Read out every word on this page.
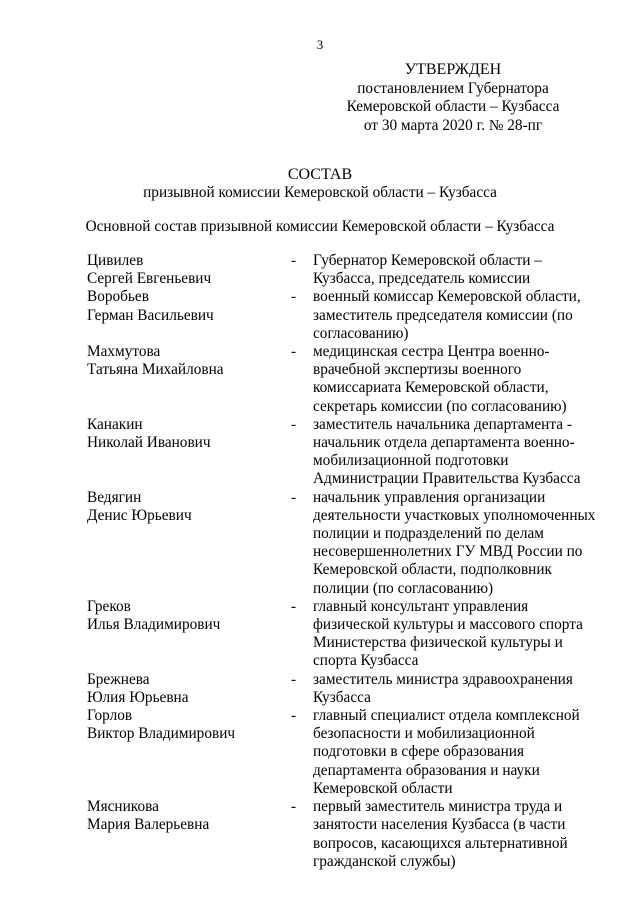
3
УТВЕРЖДЕН
постановлением Губернатора
Кемеровской области – Кузбасса
от 30 марта 2020 г. № 28-пг
СОСТАВ
призывной комиссии Кемеровской области – Кузбасса
Основной состав призывной комиссии Кемеровской области – Кузбасса
Цивилев
Сергей Евгеньевич
-	Губернатор Кемеровской области –
Кузбасса, председатель комиссии
Воробьев
Герман Васильевич
-	военный комиссар Кемеровской области,
заместитель председателя комиссии (по
согласованию)
Махмутова
Татьяна Михайловна
-	медицинская сестра Центра военно-
врачебной экспертизы военного
комиссариата Кемеровской области,
секретарь комиссии (по согласованию)
Канакин
Николай Иванович
-	заместитель начальника департамента -
начальник отдела департамента военно-
мобилизационной подготовки
Администрации Правительства Кузбасса
Ведягин
Денис Юрьевич
-	начальник управления организации
деятельности участковых уполномоченных
полиции и подразделений по делам
несовершеннолетних ГУ МВД России по
Кемеровской области, подполковник
полиции (по согласованию)
Греков
Илья Владимирович
-	главный консультант управления
физической культуры и массового спорта
Министерства физической культуры и
спорта Кузбасса
Брежнева
Юлия Юрьевна
-	заместитель министра здравоохранения
Кузбасса
Горлов
Виктор Владимирович
-	главный специалист отдела комплексной
безопасности и мобилизационной
подготовки в сфере образования
департамента образования и науки
Кемеровской области
Мясникова
Мария Валерьевна
-	первый заместитель министра труда и
занятости населения Кузбасса (в части
вопросов, касающихся альтернативной
гражданской службы)
